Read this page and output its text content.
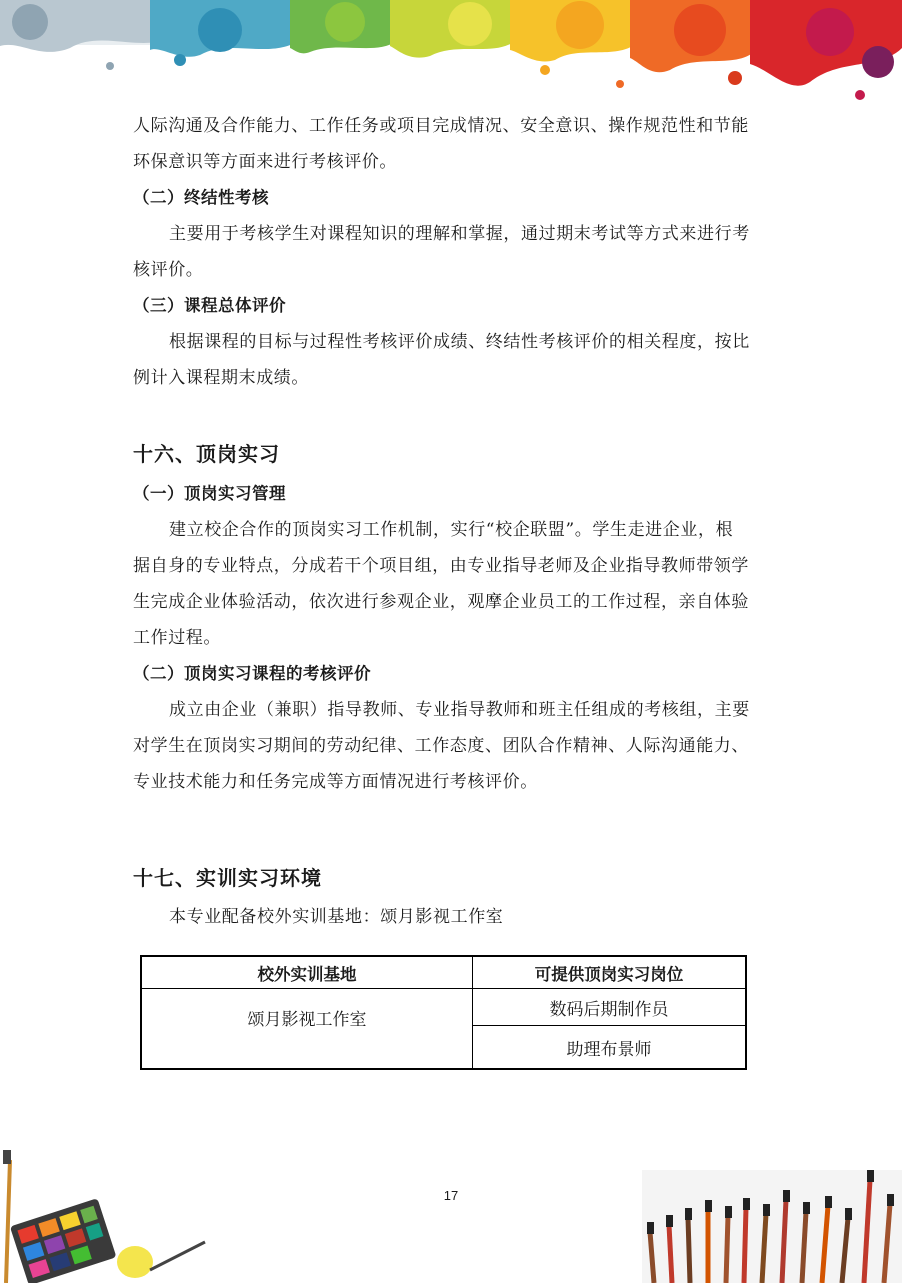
人际沟通及合作能力、工作任务或项目完成情况、安全意识、操作规范性和节能

环保意识等方面来进行考核评价。

（二）终结性考核

主要用于考核学生对课程知识的理解和掌握，通过期末考试等方式来进行考

核评价。

（三）课程总体评价

根据课程的目标与过程性考核评价成绩、终结性考核评价的相关程度，按比

例计入课程期末成绩。

十六、顶岗实习

（一）顶岗实习管理

建立校企合作的顶岗实习工作机制，实行“校企联盟”。学生走进企业，根

据自身的专业特点，分成若干个项目组，由专业指导老师及企业指导教师带领学

生完成企业体验活动，依次进行参观企业，观摩企业员工的工作过程，亲自体验

工作过程。

（二）顶岗实习课程的考核评价

成立由企业（兼职）指导教师、专业指导教师和班主任组成的考核组，主要

对学生在顶岗实习期间的劳动纪律、工作态度、团队合作精神、人际沟通能力、

专业技术能力和任务完成等方面情况进行考核评价。

十七、实训实习环境

本专业配备校外实训基地：颂月影视工作室

校外实训基地	可提供顶岗实习岗位
颂月影视工作室	数码后期制作员
	助理布景师
17
